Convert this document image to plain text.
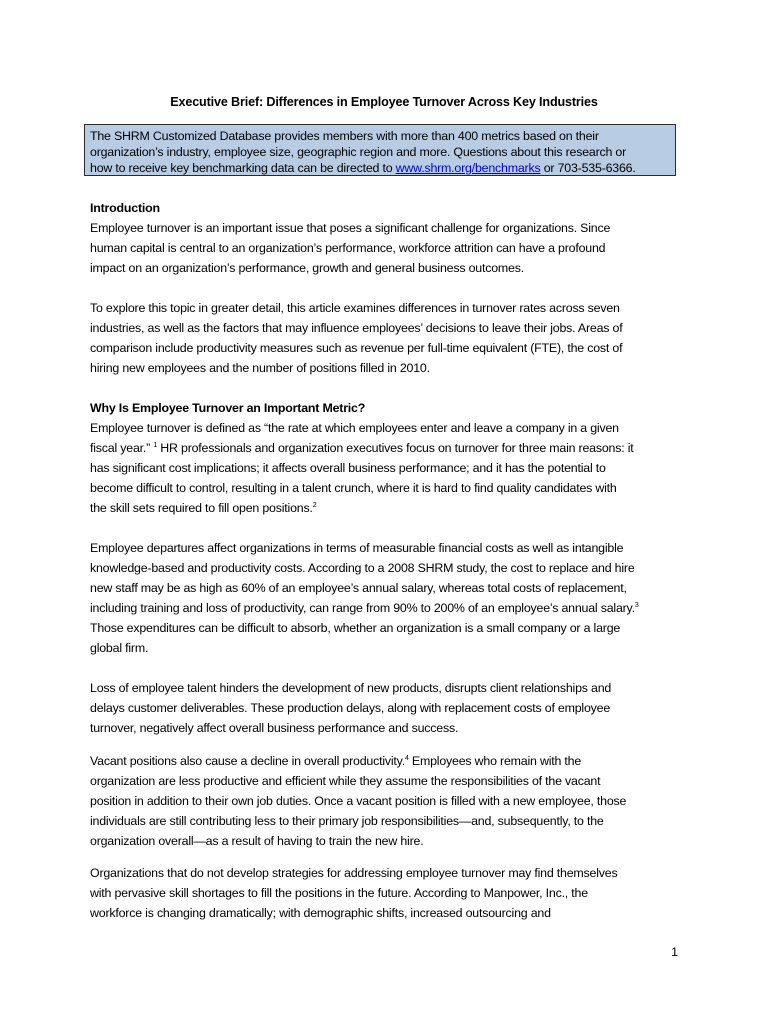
Executive Brief: Differences in Employee Turnover Across Key Industries
The SHRM Customized Database provides members with more than 400 metrics based on their
organization’s industry, employee size, geographic region and more. Questions about this research or
how to receive key benchmarking data can be directed to www.shrm.org/benchmarks or 703-535-6366.
Introduction
Employee turnover is an important issue that poses a significant challenge for organizations. Since
human capital is central to an organization’s performance, workforce attrition can have a profound
impact on an organization’s performance, growth and general business outcomes.
To explore this topic in greater detail, this article examines differences in turnover rates across seven
industries, as well as the factors that may influence employees’ decisions to leave their jobs. Areas of
comparison include productivity measures such as revenue per full-time equivalent (FTE), the cost of
hiring new employees and the number of positions filled in 2010.
Why Is Employee Turnover an Important Metric?
Employee turnover is defined as “the rate at which employees enter and leave a company in a given
fiscal year.” $^1$ HR professionals and organization executives focus on turnover for three main reasons: it
has significant cost implications; it affects overall business performance; and it has the potential to
become difficult to control, resulting in a talent crunch, where it is hard to find quality candidates with
the skill sets required to fill open positions.$^2$
Employee departures affect organizations in terms of measurable financial costs as well as intangible
knowledge-based and productivity costs. According to a 2008 SHRM study, the cost to replace and hire
new staff may be as high as 60% of an employee’s annual salary, whereas total costs of replacement,
including training and loss of productivity, can range from 90% to 200% of an employee’s annual salary.$^3$
Those expenditures can be difficult to absorb, whether an organization is a small company or a large
global firm.
Loss of employee talent hinders the development of new products, disrupts client relationships and
delays customer deliverables. These production delays, along with replacement costs of employee
turnover, negatively affect overall business performance and success.
Vacant positions also cause a decline in overall productivity.$^4$ Employees who remain with the
organization are less productive and efficient while they assume the responsibilities of the vacant
position in addition to their own job duties. Once a vacant position is filled with a new employee, those
individuals are still contributing less to their primary job responsibilities—and, subsequently, to the
organization overall—as a result of having to train the new hire.
Organizations that do not develop strategies for addressing employee turnover may find themselves
with pervasive skill shortages to fill the positions in the future. According to Manpower, Inc., the
workforce is changing dramatically; with demographic shifts, increased outsourcing and
1
